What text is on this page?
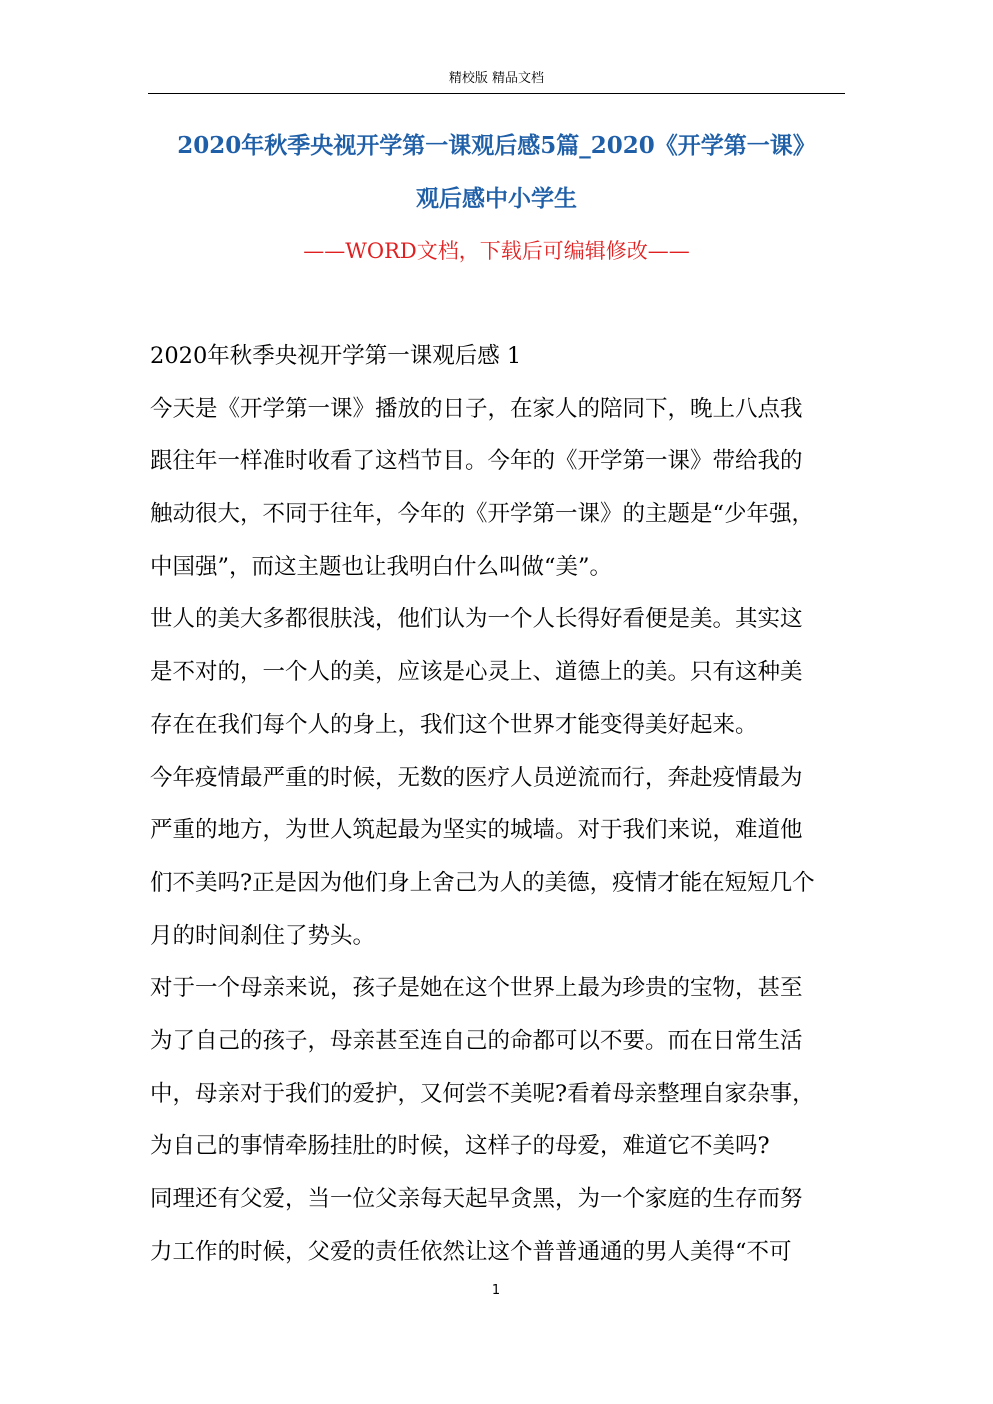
精校版 精品文档
2020年秋季央视开学第一课观后感5篇_2020《开学第一课》
观后感中小学生
——WORD文档，下载后可编辑修改——
2020年秋季央视开学第一课观后感 1
今天是《开学第一课》播放的日子，在家人的陪同下，晚上八点我
跟往年一样准时收看了这档节目。今年的《开学第一课》带给我的
触动很大，不同于往年，今年的《开学第一课》的主题是“少年强，
中国强”，而这主题也让我明白什么叫做“美”。
世人的美大多都很肤浅，他们认为一个人长得好看便是美。其实这
是不对的，一个人的美，应该是心灵上、道德上的美。只有这种美
存在在我们每个人的身上，我们这个世界才能变得美好起来。
今年疫情最严重的时候，无数的医疗人员逆流而行，奔赴疫情最为
严重的地方，为世人筑起最为坚实的城墙。对于我们来说，难道他
们不美吗?正是因为他们身上舍己为人的美德，疫情才能在短短几个
月的时间刹住了势头。
对于一个母亲来说，孩子是她在这个世界上最为珍贵的宝物，甚至
为了自己的孩子，母亲甚至连自己的命都可以不要。而在日常生活
中，母亲对于我们的爱护，又何尝不美呢?看着母亲整理自家杂事，
为自己的事情牵肠挂肚的时候，这样子的母爱，难道它不美吗?
同理还有父爱，当一位父亲每天起早贪黑，为一个家庭的生存而努
力工作的时候，父爱的责任依然让这个普普通通的男人美得“不可
1
